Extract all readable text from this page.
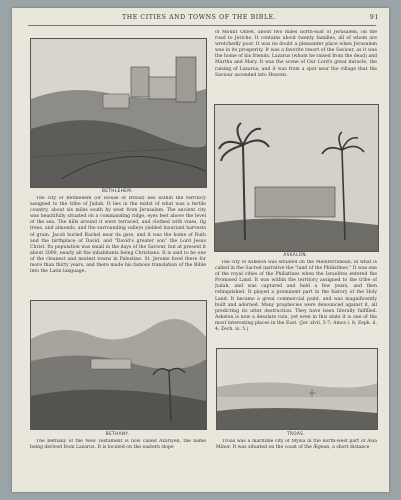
THE CITIES AND TOWNS OF THE BIBLE.	91
BETHLEHEM.

The city of Bethlehem (or House of Bread) lies within the territory assigned to the tribe of Judah. It lies in the midst of what was a fertile country, about six miles south by west from Jerusalem. The ancient city was beautifully situated on a commanding ridge, eyes feet above the level of the sea. The hills around it were terraced, and clothed with vines, fig trees, and almonds, and the surrounding valleys yielded luxuriant harvests of grain. Jacob buried Rachel near its gate, and it was the home of Ruth and the birthplace of David, and "David's greater son" the Lord Jesus Christ. Its population was small in the days of the Saviour, but at present it about 3000, nearly all the inhabitants being Christians. It is said to be one of the cleanest and neatest towns in Palestine. St. Jerome lived there for more than thirty years, and there made his famous translation of the Bible into the Latin language.

of Mount Olivet, about two miles north-east of Jerusalem, on the road to Jericho. It contains about twenty families, all of whom are wretchedly poor. It was no doubt a pleasanter place when Jerusalem was in its prosperity. It was a favorite resort of the Saviour, as it was the home of his friends, Lazarus (whom he raised from the dead) and Martha and Mary. It was the scene of Our Lord's great miracle, the raising of Lazarus; and it was from a spot near the village that the Saviour ascended into Heaven.

ASKALON.

The city of Askelon was situated on the Mediterranean, in what is called in the Sacred narrative the "land of the Philistines." It was one of the royal cities of the Philistines when the Israelites entered the Promised Land. It was within the territory assigned to the tribe of Judah, and was captured and held a few years, and then relinquished. It played a prominent part in the history of the Holy Land. It became a great commercial point, and was magnificently built and adorned. Many prophecies were denounced against it, all predicting its utter destruction. They have been literally fulfilled. Askelon is now a desolate ruin, yet even in this state it is one of the most interesting places in the East. (Jer. xlvii. 5-7; Amos i. 8; Zeph. ii. 4; Zech. ix. 5.)

BETHANY.

The Bethany of the New Testament is now called Azariyeh, the name being derived from Lazarus. It is located on the eastern slope

TROAS.

Troas was a maritime city of Mysia in the north-west part of Asia Minor. It was situated on the coast of the Ægean, a short distance
